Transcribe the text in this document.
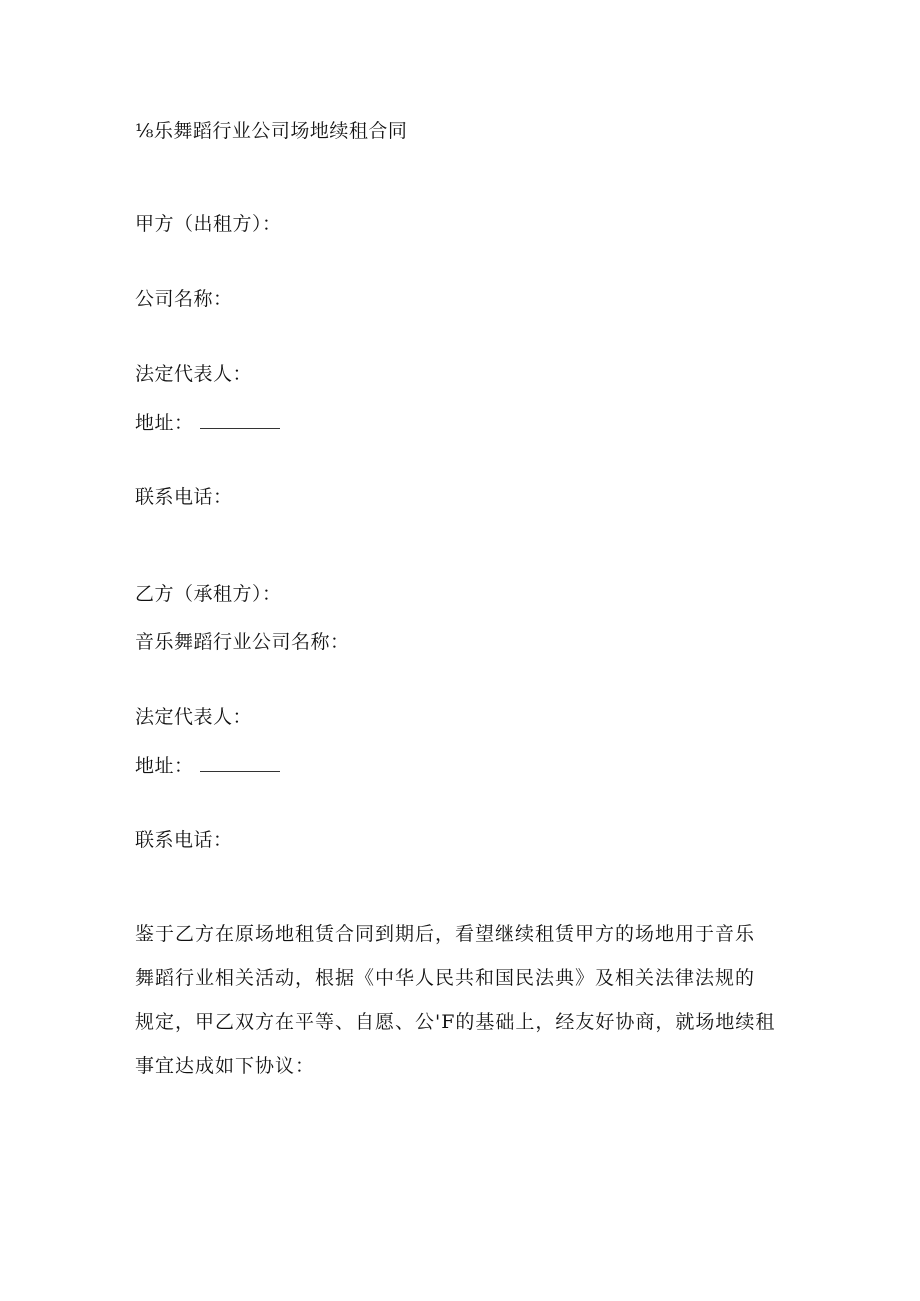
⅛乐舞蹈行业公司场地续租合同
甲方（出租方）：
公司名称：
法定代表人：
地址：
联系电话：
乙方（承租方）：
音乐舞蹈行业公司名称：
法定代表人：
地址：
联系电话：
鉴于乙方在原场地租赁合同到期后，看望继续租赁甲方的场地用于音乐
舞蹈行业相关活动，根据《中华人民共和国民法典》及相关法律法规的
规定，甲乙双方在平等、自愿、公'F的基础上，经友好协商，就场地续租
事宜达成如下协议：
